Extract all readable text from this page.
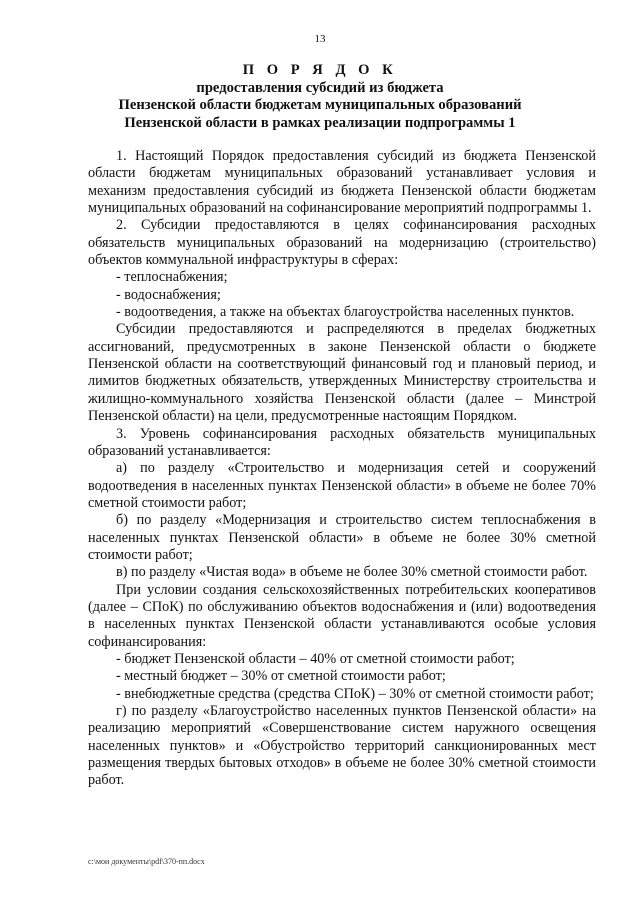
13
П О Р Я Д О К
предоставления субсидий из бюджета
Пензенской области бюджетам муниципальных образований
Пензенской области в рамках реализации подпрограммы 1

1. Настоящий Порядок предоставления субсидий из бюджета Пензенской области бюджетам муниципальных образований устанавливает условия и механизм предоставления субсидий из бюджета Пензенской области бюджетам муниципальных образований на софинансирование мероприятий подпрограммы 1.

2. Субсидии предоставляются в целях софинансирования расходных обязательств муниципальных образований на модернизацию (строительство) объектов коммунальной инфраструктуры в сферах:

- теплоснабжения;

- водоснабжения;

- водоотведения, а также на объектах благоустройства населенных пунктов.

Субсидии предоставляются и распределяются в пределах бюджетных ассигнований, предусмотренных в законе Пензенской области о бюджете Пензенской области на соответствующий финансовый год и плановый период, и лимитов бюджетных обязательств, утвержденных Министерству строительства и жилищно-коммунального хозяйства Пензенской области (далее – Минстрой Пензенской области) на цели, предусмотренные настоящим Порядком.

3. Уровень софинансирования расходных обязательств муниципальных образований устанавливается:

а) по разделу «Строительство и модернизация сетей и сооружений водоотведения в населенных пунктах Пензенской области» в объеме не более 70% сметной стоимости работ;

б) по разделу «Модернизация и строительство систем теплоснабжения в населенных пунктах Пензенской области» в объеме не более 30% сметной стоимости работ;

в) по разделу «Чистая вода» в объеме не более 30% сметной стоимости работ.

При условии создания сельскохозяйственных потребительских кооперативов (далее – СПоК) по обслуживанию объектов водоснабжения и (или) водоотведения в населенных пунктах Пензенской области устанавливаются особые условия софинансирования:

- бюджет Пензенской области – 40% от сметной стоимости работ;

- местный бюджет – 30% от сметной стоимости работ;

- внебюджетные средства (средства СПоК) – 30% от сметной стоимости работ;

г) по разделу «Благоустройство населенных пунктов Пензенской области» на реализацию мероприятий «Совершенствование систем наружного освещения населенных пунктов» и «Обустройство территорий санкционированных мест размещения твердых бытовых отходов» в объеме не более 30% сметной стоимости работ.

c:\мои документы\pdf\370-пп.docx
